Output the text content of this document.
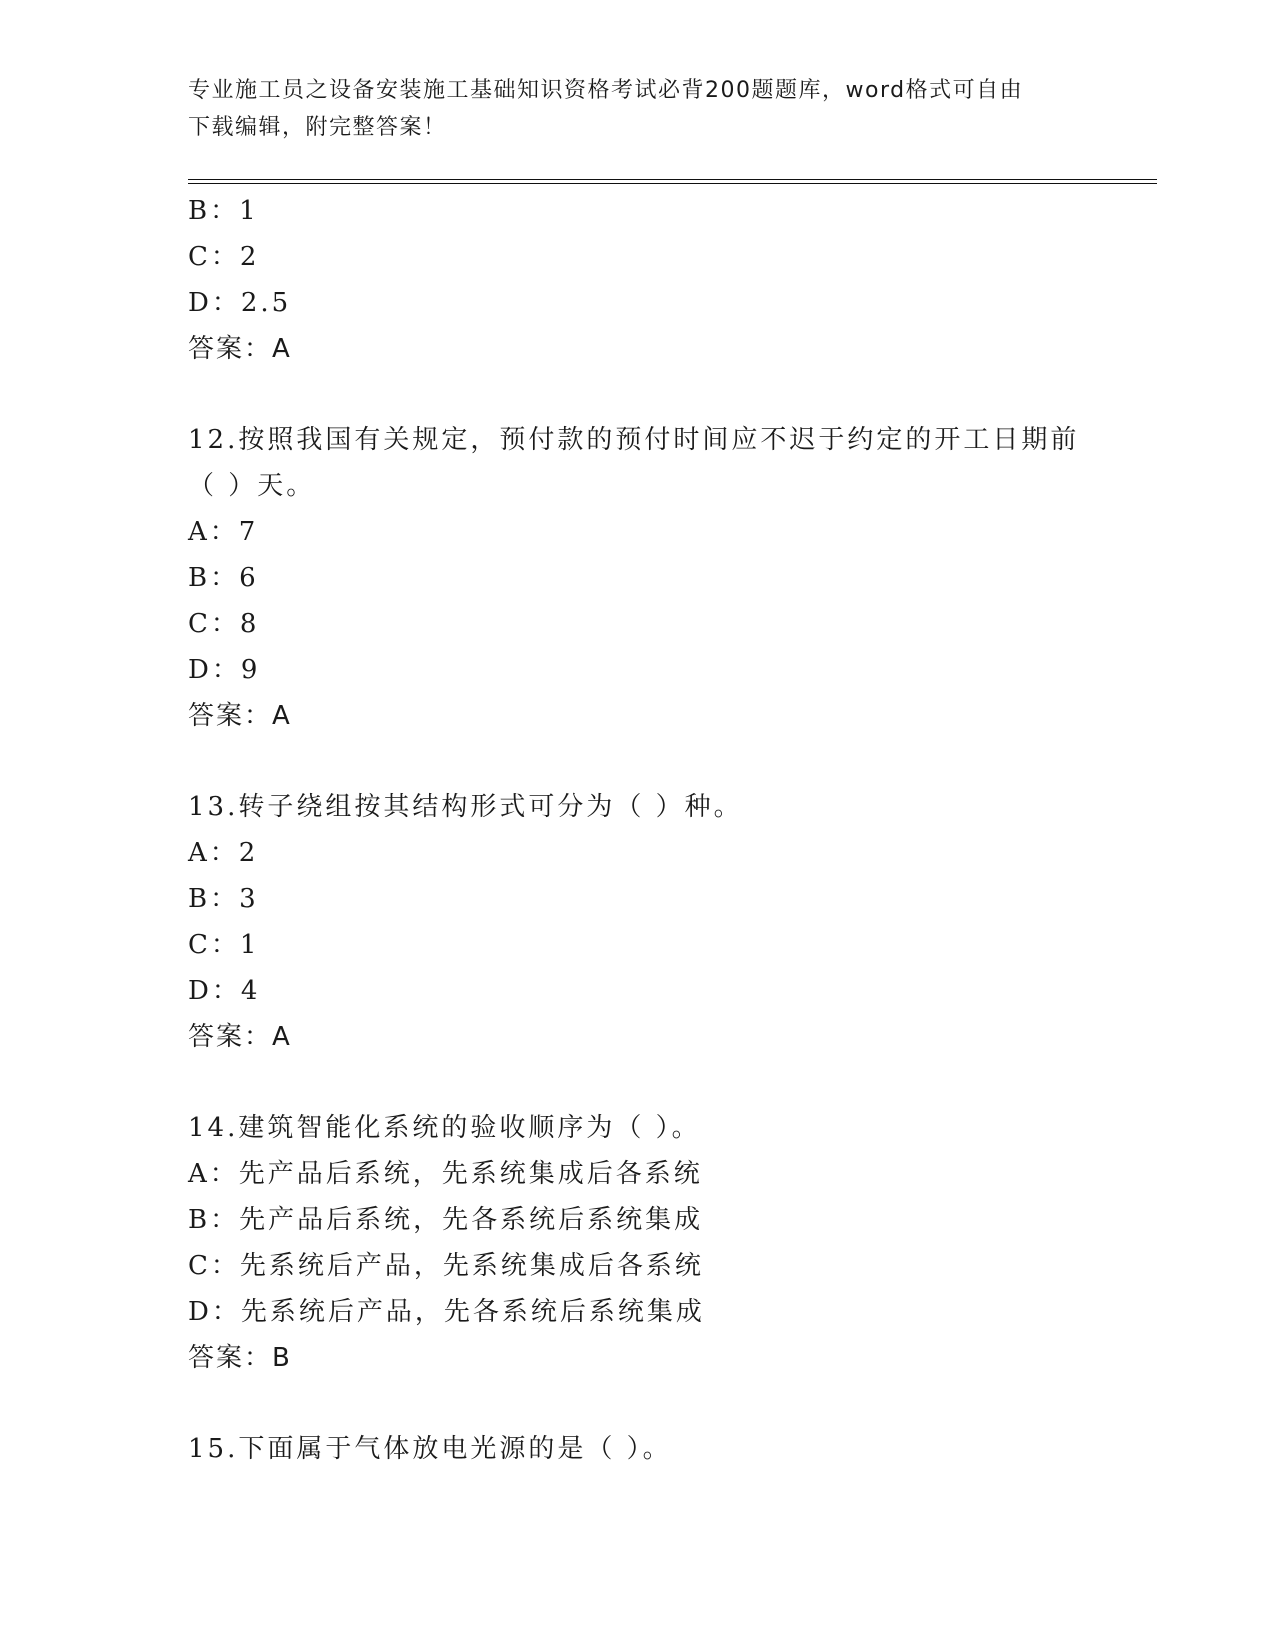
专业施工员之设备安装施工基础知识资格考试必背200题题库，word格式可自由
下载编辑，附完整答案！
B：1
C：2
D：2.5
答案：A
12.按照我国有关规定，预付款的预付时间应不迟于约定的开工日期前
（ ）天。
A：7
B：6
C：8
D：9
答案：A
13.转子绕组按其结构形式可分为（ ）种。
A：2
B：3
C：1
D：4
答案：A
14.建筑智能化系统的验收顺序为（ ）。
A：先产品后系统，先系统集成后各系统
B：先产品后系统，先各系统后系统集成
C：先系统后产品，先系统集成后各系统
D：先系统后产品，先各系统后系统集成
答案：B
15.下面属于气体放电光源的是（ ）。
